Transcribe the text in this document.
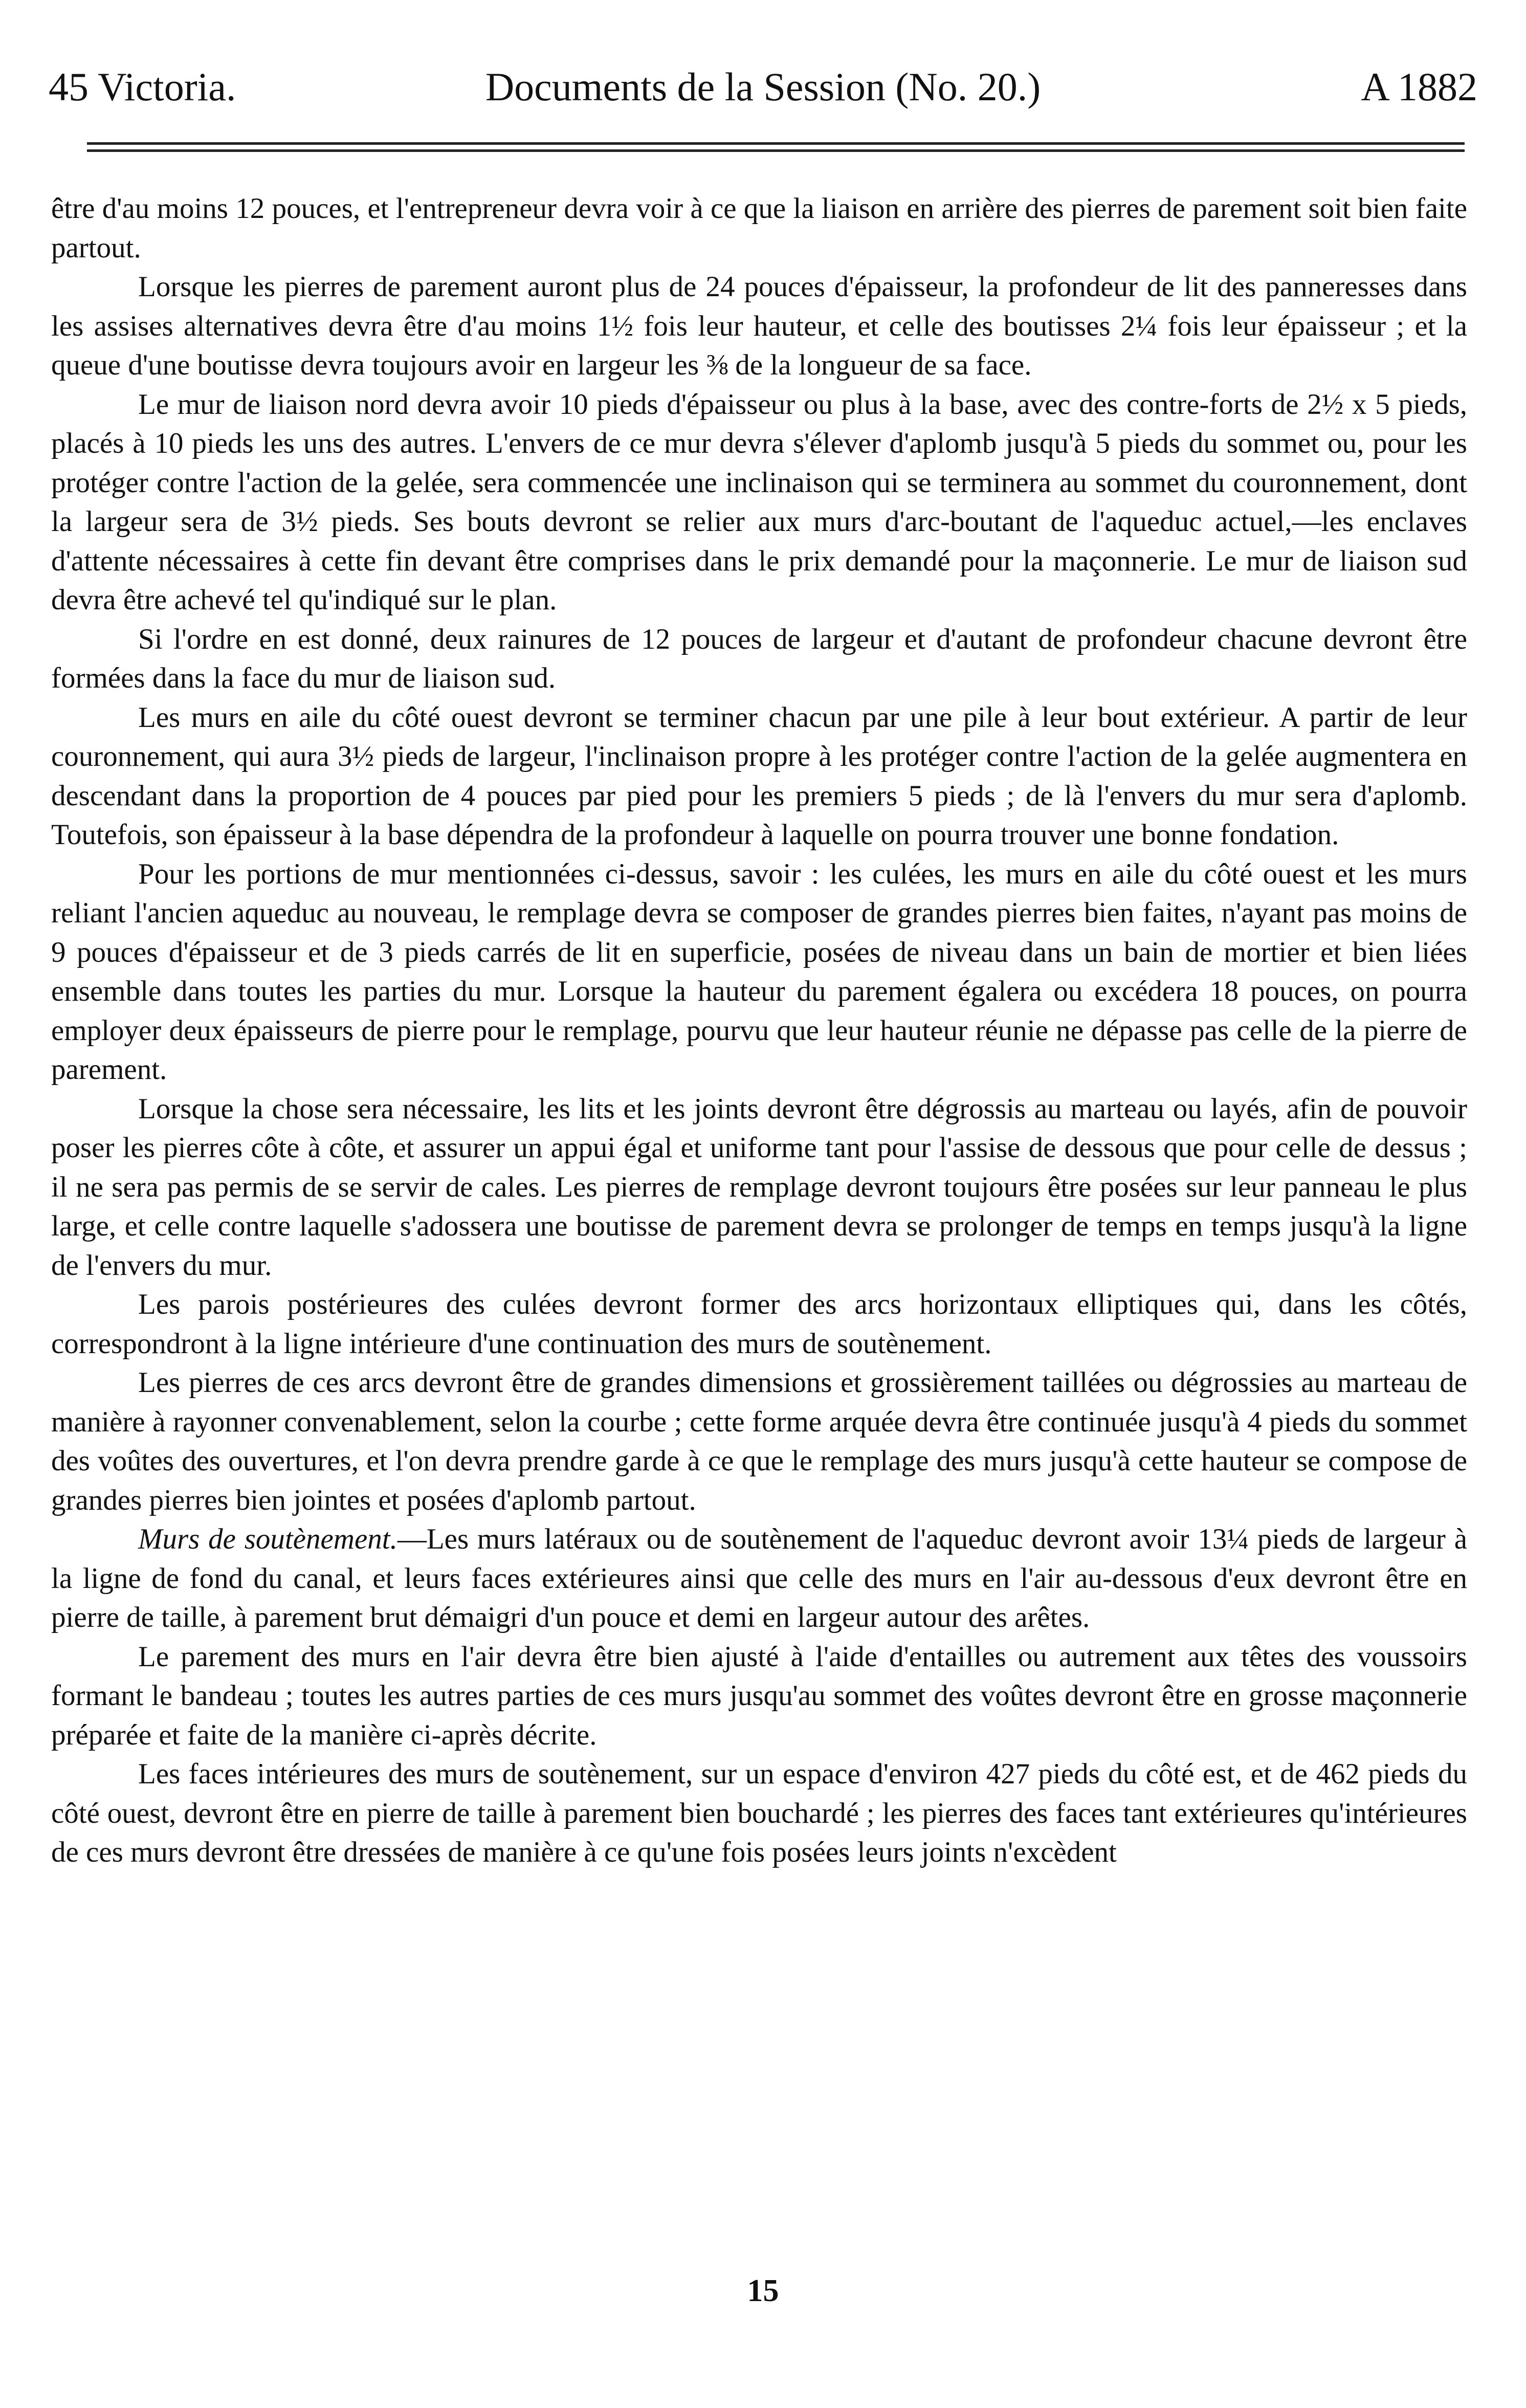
45 Victoria.	Documents de la Session (No. 20.)	A 1882

être d'au moins 12 pouces, et l'entrepreneur devra voir à ce que la liaison en arrière des pierres de parement soit bien faite partout.

Lorsque les pierres de parement auront plus de 24 pouces d'épaisseur, la profondeur de lit des panneresses dans les assises alternatives devra être d'au moins 1½ fois leur hauteur, et celle des boutisses 2¼ fois leur épaisseur ; et la queue d'une boutisse devra toujours avoir en largeur les ⅜ de la longueur de sa face.

Le mur de liaison nord devra avoir 10 pieds d'épaisseur ou plus à la base, avec des contre-forts de 2½ x 5 pieds, placés à 10 pieds les uns des autres. L'envers de ce mur devra s'élever d'aplomb jusqu'à 5 pieds du sommet ou, pour les protéger contre l'action de la gelée, sera commencée une inclinaison qui se terminera au sommet du couronnement, dont la largeur sera de 3½ pieds. Ses bouts devront se relier aux murs d'arc-boutant de l'aqueduc actuel,—les enclaves d'attente nécessaires à cette fin devant être comprises dans le prix demandé pour la maçonnerie. Le mur de liaison sud devra être achevé tel qu'indiqué sur le plan.

Si l'ordre en est donné, deux rainures de 12 pouces de largeur et d'autant de profondeur chacune devront être formées dans la face du mur de liaison sud.

Les murs en aile du côté ouest devront se terminer chacun par une pile à leur bout extérieur. A partir de leur couronnement, qui aura 3½ pieds de largeur, l'inclinaison propre à les protéger contre l'action de la gelée augmentera en descendant dans la proportion de 4 pouces par pied pour les premiers 5 pieds ; de là l'envers du mur sera d'aplomb. Toutefois, son épaisseur à la base dépendra de la profondeur à laquelle on pourra trouver une bonne fondation.

Pour les portions de mur mentionnées ci-dessus, savoir : les culées, les murs en aile du côté ouest et les murs reliant l'ancien aqueduc au nouveau, le remplage devra se composer de grandes pierres bien faites, n'ayant pas moins de 9 pouces d'épaisseur et de 3 pieds carrés de lit en superficie, posées de niveau dans un bain de mortier et bien liées ensemble dans toutes les parties du mur. Lorsque la hauteur du parement égalera ou excédera 18 pouces, on pourra employer deux épaisseurs de pierre pour le remplage, pourvu que leur hauteur réunie ne dépasse pas celle de la pierre de parement.

Lorsque la chose sera nécessaire, les lits et les joints devront être dégrossis au marteau ou layés, afin de pouvoir poser les pierres côte à côte, et assurer un appui égal et uniforme tant pour l'assise de dessous que pour celle de dessus ; il ne sera pas permis de se servir de cales. Les pierres de remplage devront toujours être posées sur leur panneau le plus large, et celle contre laquelle s'adossera une boutisse de parement devra se prolonger de temps en temps jusqu'à la ligne de l'envers du mur.

Les parois postérieures des culées devront former des arcs horizontaux elliptiques qui, dans les côtés, correspondront à la ligne intérieure d'une continuation des murs de soutènement.

Les pierres de ces arcs devront être de grandes dimensions et grossièrement taillées ou dégrossies au marteau de manière à rayonner convenablement, selon la courbe ; cette forme arquée devra être continuée jusqu'à 4 pieds du sommet des voûtes des ouvertures, et l'on devra prendre garde à ce que le remplage des murs jusqu'à cette hauteur se compose de grandes pierres bien jointes et posées d'aplomb partout.

Murs de soutènement.—Les murs latéraux ou de soutènement de l'aqueduc devront avoir 13¼ pieds de largeur à la ligne de fond du canal, et leurs faces extérieures ainsi que celle des murs en l'air au-dessous d'eux devront être en pierre de taille, à parement brut démaigri d'un pouce et demi en largeur autour des arêtes.

Le parement des murs en l'air devra être bien ajusté à l'aide d'entailles ou autrement aux têtes des voussoirs formant le bandeau ; toutes les autres parties de ces murs jusqu'au sommet des voûtes devront être en grosse maçonnerie préparée et faite de la manière ci-après décrite.

Les faces intérieures des murs de soutènement, sur un espace d'environ 427 pieds du côté est, et de 462 pieds du côté ouest, devront être en pierre de taille à parement bien bouchardé ; les pierres des faces tant extérieures qu'intérieures de ces murs devront être dressées de manière à ce qu'une fois posées leurs joints n'excèdent

15
